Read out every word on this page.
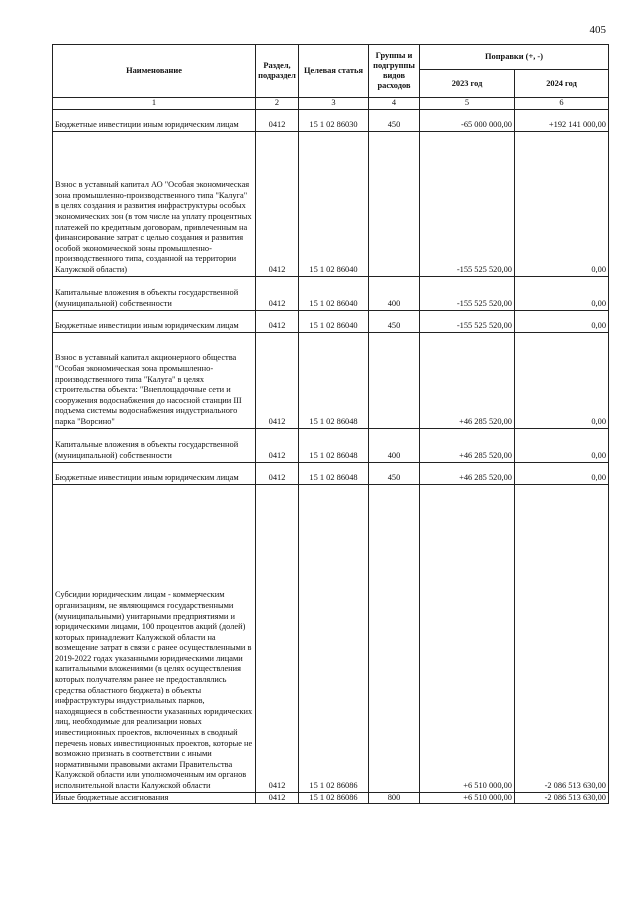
405
Наименование	Раздел, подраздел	Целевая статья	Группы и подгруппы видов расходов	Поправки (+, -)	
				2023 год	2024 год
1	2	3	4	5	6
Бюджетные инвестиции иным юридическим лицам	0412	15 1 02 86030	450	-65 000 000,00	+192 141 000,00
Взнос в уставный капитал АО "Особая экономическая зона промышленно-производственного типа "Калуга" в целях создания и развития инфраструктуры особых экономических зон (в том числе на уплату процентных платежей по кредитным договорам, привлеченным на финансирование затрат с целью создания и развития особой экономической зоны промышленно-производственного типа, созданной на территории Калужской области)	0412	15 1 02 86040		-155 525 520,00	0,00
Капитальные вложения в объекты государственной (муниципальной) собственности	0412	15 1 02 86040	400	-155 525 520,00	0,00
Бюджетные инвестиции иным юридическим лицам	0412	15 1 02 86040	450	-155 525 520,00	0,00
Взнос в уставный капитал акционерного общества "Особая экономическая зона промышленно-производственного типа "Калуга" в целях строительства объекта: "Внеплощадочные сети и сооружения водоснабжения до насосной станции III подъема системы водоснабжения индустриального парка "Ворсино"	0412	15 1 02 86048		+46 285 520,00	0,00
Капитальные вложения в объекты государственной (муниципальной) собственности	0412	15 1 02 86048	400	+46 285 520,00	0,00
Бюджетные инвестиции иным юридическим лицам	0412	15 1 02 86048	450	+46 285 520,00	0,00
Субсидии юридическим лицам - коммерческим организациям, не являющимся государственными (муниципальными) унитарными предприятиями и юридическими лицами, 100 процентов акций (долей) которых принадлежит Калужской области на возмещение затрат в связи с ранее осуществленными в 2019-2022 годах указанными юридическими лицами капитальными вложениями (в целях осуществления которых получателям ранее не предоставлялись средства областного бюджета) в объекты инфраструктуры индустриальных парков, находящиеся в собственности указанных юридических лиц, необходимые для реализации новых инвестиционных проектов, включенных в сводный перечень новых инвестиционных проектов, которые не возможно признать в соответствии с иными нормативными правовыми актами Правительства Калужской области или уполномоченным им органов исполнительной власти Калужской области	0412	15 1 02 86086		+6 510 000,00	-2 086 513 630,00
Иные бюджетные ассигнования	0412	15 1 02 86086	800	+6 510 000,00	-2 086 513 630,00
